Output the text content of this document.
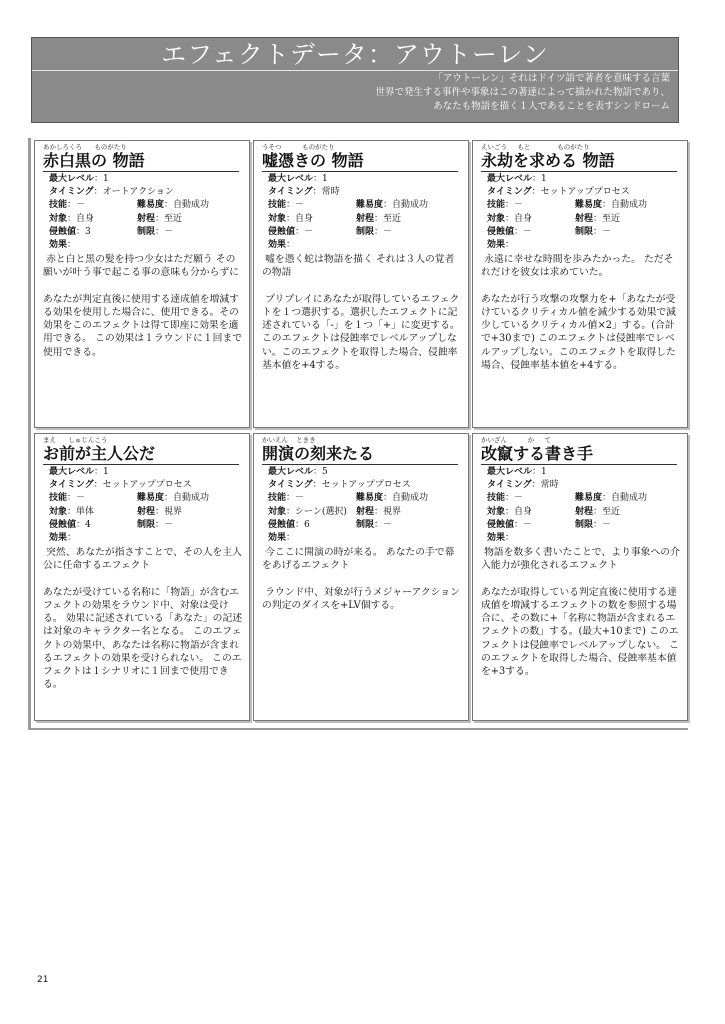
エフェクトデータ：アウトーレン
「アウトーレン」それはドイツ語で著者を意味する言葉
世界で発生する事件や事象はこの著達によって描かれた物語であり、
あなたも物語を描く１人であることを表すシンドローム
あかしろくろ      ものがたり
赤白黒の 物語
最大レベル：1
タイミング：オートアクション
技能：－	難易度：自動成功
対象：自身	射程：至近
侵蝕値：3	制限：－
効果 ：
赤と白と黒の髪を持つ少女はただ願う その願いが叶う事で起こる事の意味も分からずに

あなたが判定直後に使用する達成値を増減する効果を使用した場合に、使用できる。その効果をこのエフェクトは得て即座に効果を適用できる。 この効果は１ラウンドに１回まで使用できる。
うそつ          ものがたり
嘘憑きの 物語
最大レベル：1
タイミング：常時
技能：－	難易度：自動成功
対象：自身	射程：至近
侵蝕値：－	制限：－
効果 ：
嘘を憑く蛇は物語を描く それは３人の覚者の物語

プリプレイにあなたが取得しているエフェクトを１つ選択する。選択したエフェクトに記述されている「-」を１つ「+」に変更する。このエフェクトは侵蝕率でレベルアップしない。このエフェクトを取得した場合、侵蝕率基本値を+4する。
えいごう     もと             ものがたり
永劫を求める 物語
最大レベル：1
タイミング：セットアッププロセス
技能：－	難易度：自動成功
対象：自身	射程：至近
侵蝕値：－	制限：－
効果 ：
永遠に幸せな時間を歩みたかった。 ただそれだけを彼女は求めていた。

あなたが行う攻撃の攻撃力を+「あなたが受けているクリティカル値を減少する効果で減少しているクリティカル値×2」する。(合計で+30まで) このエフェクトは侵蝕率でレベルアップしない。このエフェクトを取得した場合、侵蝕率基本値を+4する。
まえ      しゅじんこう
お前が主人公だ
最大レベル：1
タイミング：セットアッププロセス
技能：－	難易度：自動成功
対象：単体	射程：視界
侵蝕値：4	制限：－
効果 ：
突然、あなたが指さすことで、その人を主人公に任命するエフェクト

あなたが受けている名称に「物語」が含むエフェクトの効果をラウンド中、対象は受ける。 効果に記述されている「あなた」の記述は対象のキャラクター名となる。 このエフェクトの効果中、あなたは名称に物語が含まれるエフェクトの効果を受けられない。 このエフェクトは１シナリオに１回まで使用できる。
かいえん    ときき
開演の刻来たる
最大レベル：5
タイミング：セットアッププロセス
技能：－	難易度：自動成功
対象：シーン(選択)	射程：視界
侵蝕値：6	制限：－
効果 ：
今ここに開演の時が来る。 あなたの手で幕をあげるエフェクト

ラウンド中、対象が行うメジャーアクションの判定のダイスを+LV個する。
かいざん          か     て
改竄する書き手
最大レベル：1
タイミング：常時
技能：－	難易度：自動成功
対象：自身	射程：至近
侵蝕値：－	制限：－
効果 ：
物語を数多く書いたことで、より事象への介入能力が強化されるエフェクト

あなたが取得している判定直後に使用する達成値を増減するエフェクトの数を参照する場合に、その数に+「名称に物語が含まれるエフェクトの数」する。(最大+10まで) このエフェクトは侵蝕率でレベルアップしない。 このエフェクトを取得した場合、侵蝕率基本値を+3する。
21
